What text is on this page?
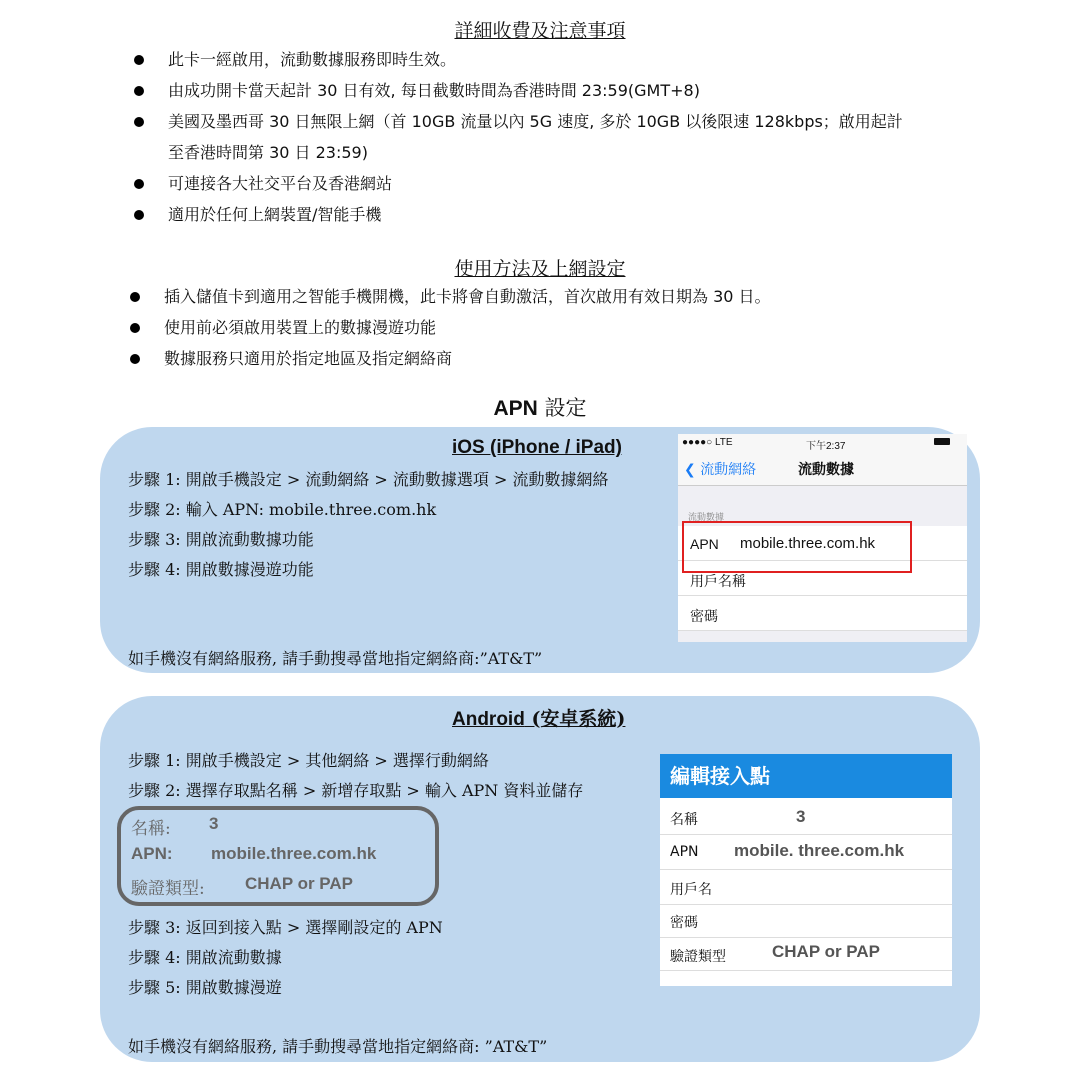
詳細收費及注意事項
此卡一經啟用，流動數據服務即時生效。
由成功開卡當天起計 30 日有效, 每日截數時間為香港時間 23:59(GMT+8)
美國及墨西哥 30 日無限上網（首 10GB 流量以內 5G 速度, 多於 10GB 以後限速 128kbps；啟用起計
至香港時間第 30 日 23:59)
可連接各大社交平台及香港網站
適用於任何上網裝置/智能手機
使用方法及上網設定
插入儲值卡到適用之智能手機開機，此卡將會自動激活，首次啟用有效日期為 30 日。
使用前必須啟用裝置上的數據漫遊功能
數據服務只適用於指定地區及指定網絡商
APN 設定
iOS (iPhone / iPad)
步驟 1: 開啟手機設定 > 流動網絡 > 流動數據選項 > 流動數據網絡
步驟 2: 輸入 APN: mobile.three.com.hk
步驟 3: 開啟流動數據功能
步驟 4: 開啟數據漫遊功能
如手機沒有網絡服務, 請手動搜尋當地指定網絡商:”AT&T”
●●●●○ LTE	下午2:37
❮ 流動網絡	流動數據
流動數據
APN mobile.three.com.hk
用戶名稱
密碼
Android (安卓系統)
步驟 1: 開啟手機設定 > 其他網絡 > 選擇行動網絡
步驟 2: 選擇存取點名稱 > 新增存取點 > 輸入 APN 資料並儲存
名稱: 3
APN: mobile.three.com.hk
驗證類型: CHAP or PAP
步驟 3: 返回到接入點 > 選擇剛設定的 APN
步驟 4: 開啟流動數據
步驟 5: 開啟數據漫遊
如手機沒有網絡服務, 請手動搜尋當地指定網絡商: ”AT&T”
編輯接入點
名稱	3
APN mobile. three.com.hk
用戶名
密碼
驗證類型	CHAP or PAP
